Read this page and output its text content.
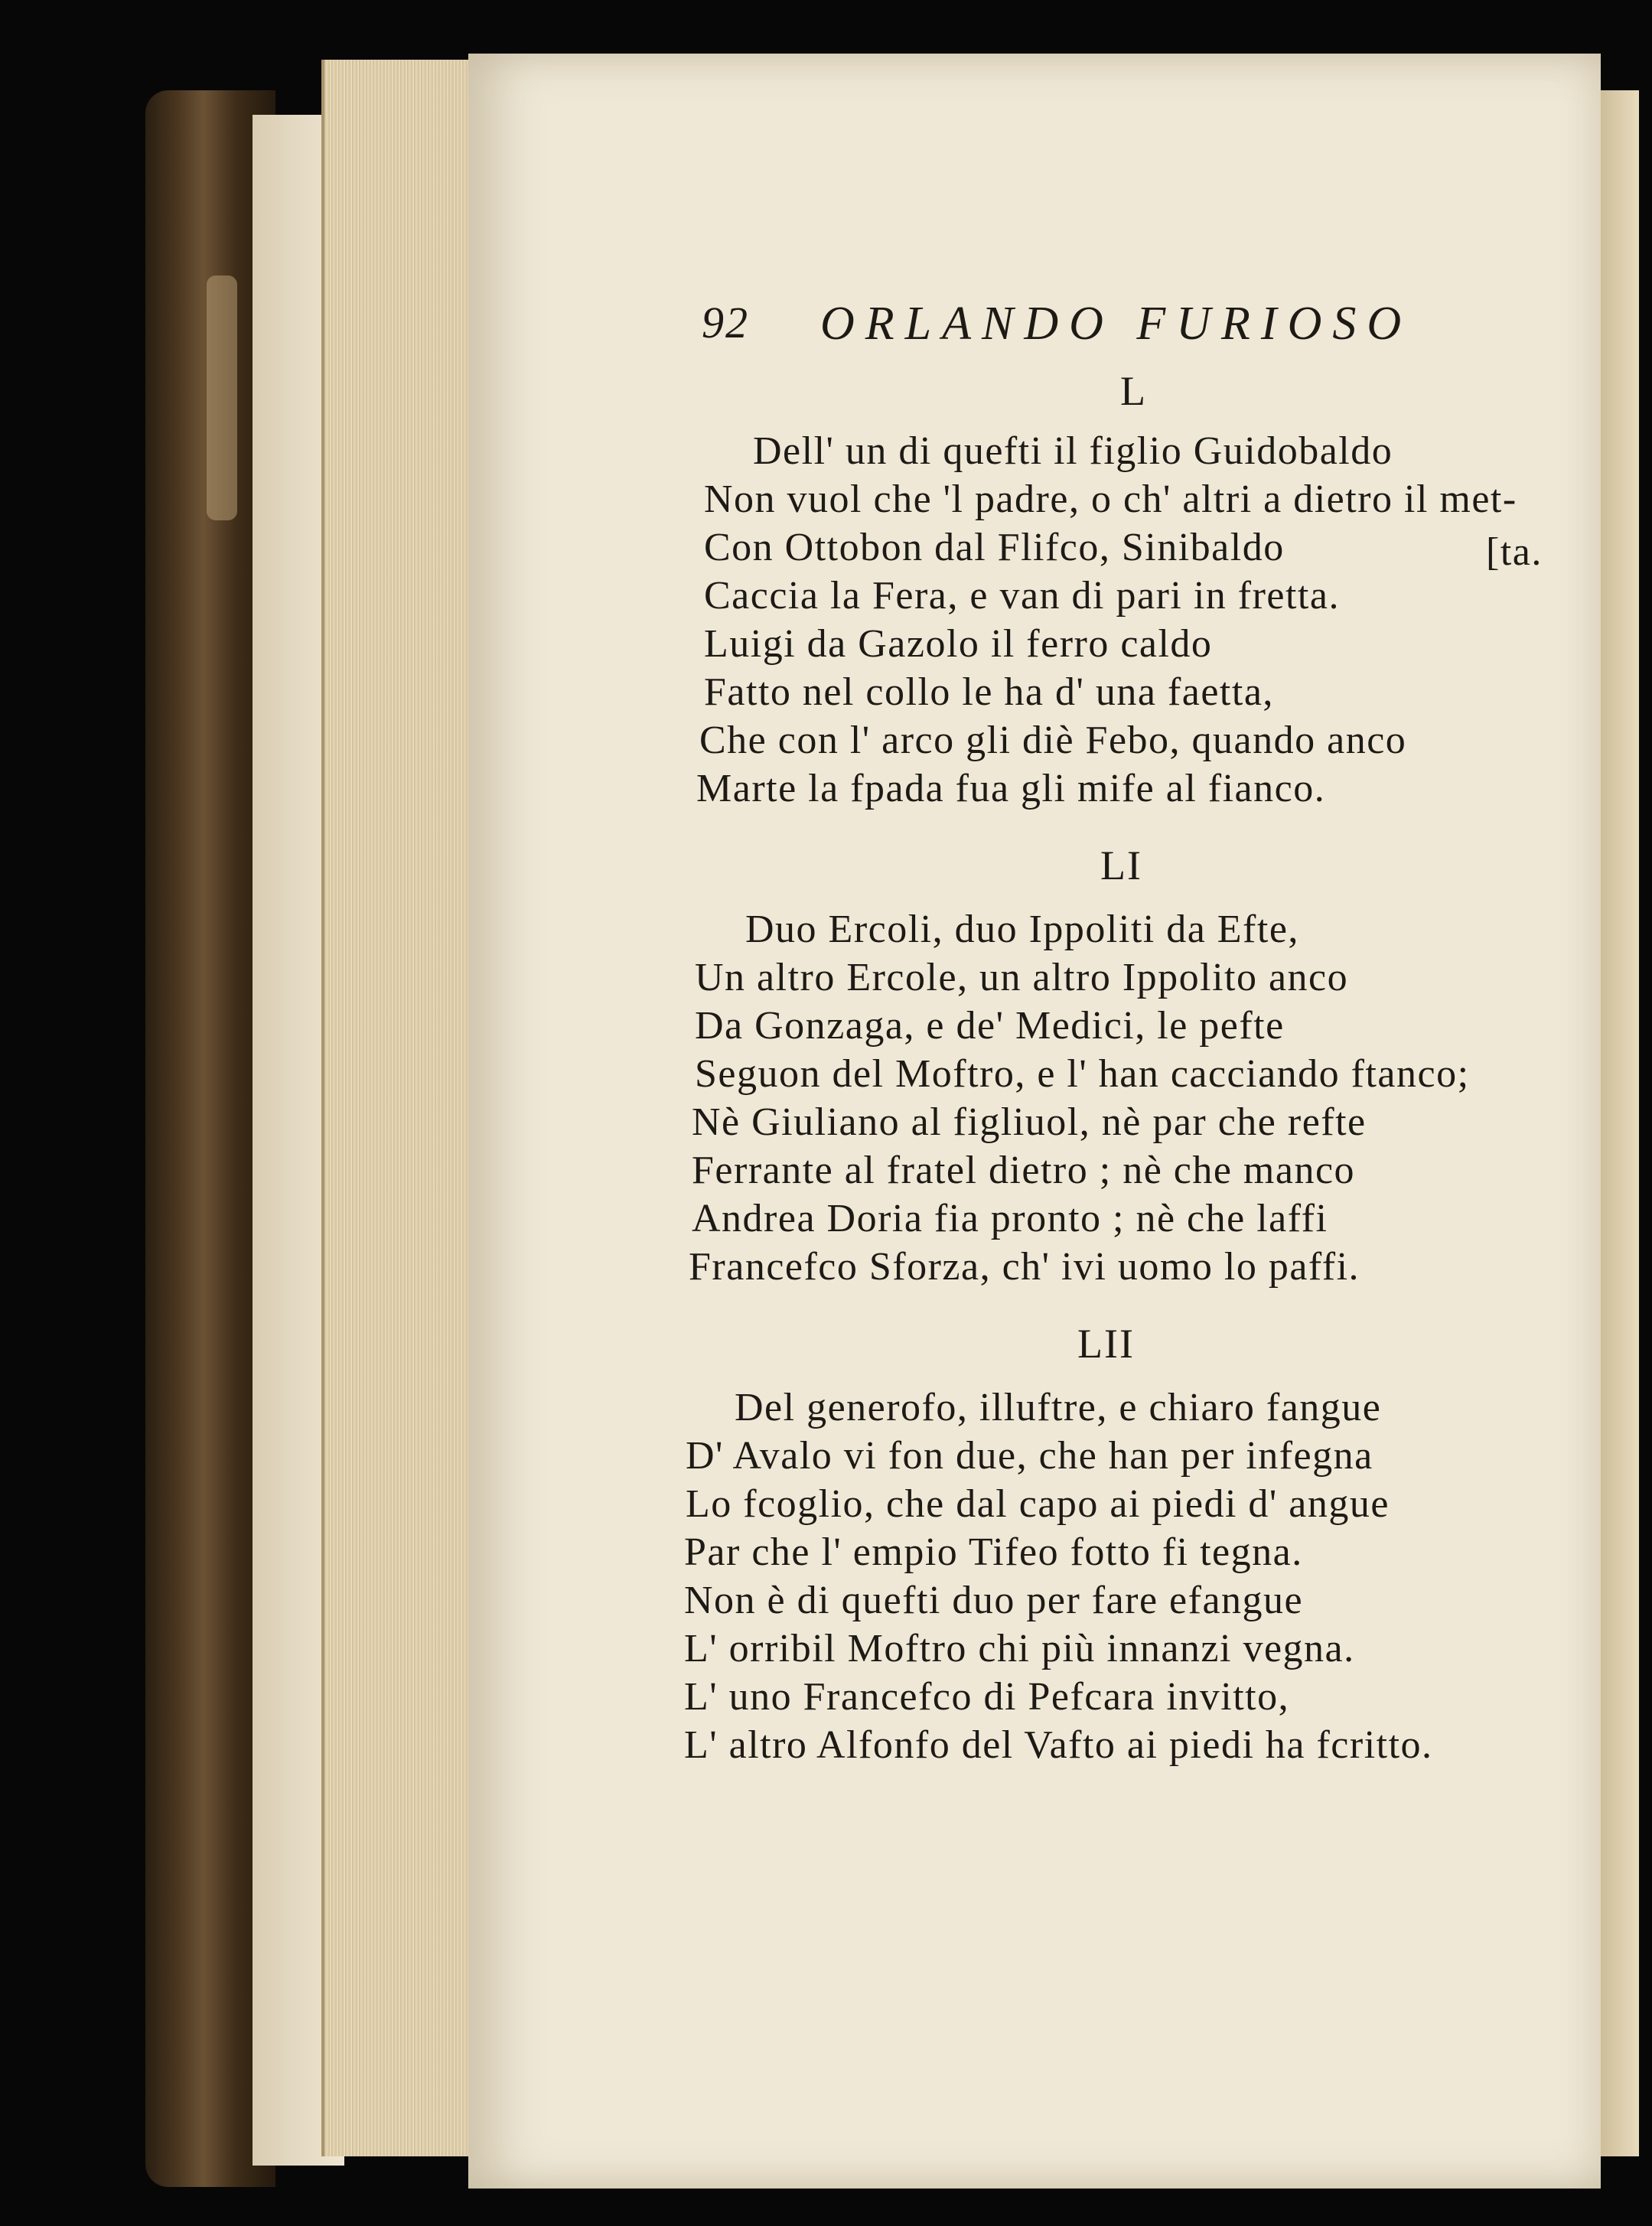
92 ORLANDO FURIOSO
L
Dell' un di quefti il figlio Guidobaldo
Non vuol che 'l padre, o ch' altri a dietro il met-
Con Ottobon dal Flifco, Sinibaldo	[ta.
Caccia la Fera, e van di pari in fretta.
Luigi da Gazolo il ferro caldo
Fatto nel collo le ha d' una faetta,
Che con l' arco gli diè Febo, quando anco
Marte la fpada fua gli mife al fianco.
LI
Duo Ercoli, duo Ippoliti da Efte,
Un altro Ercole, un altro Ippolito anco
Da Gonzaga, e de' Medici, le pefte
Seguon del Moftro, e l' han cacciando ftanco;
Nè Giuliano al figliuol, nè par che refte
Ferrante al fratel dietro ; nè che manco
Andrea Doria fia pronto ; nè che laffi
Francefco Sforza, ch' ivi uomo lo paffi.
LII
Del generofo, illuftre, e chiaro fangue
D' Avalo vi fon due, che han per infegna
Lo fcoglio, che dal capo ai piedi d' angue
Par che l' empio Tifeo fotto fi tegna.
Non è di quefti duo per fare efangue
L' orribil Moftro chi più innanzi vegna.
L' uno Francefco di Pefcara invitto,
L' altro Alfonfo del Vafto ai piedi ha fcritto.
